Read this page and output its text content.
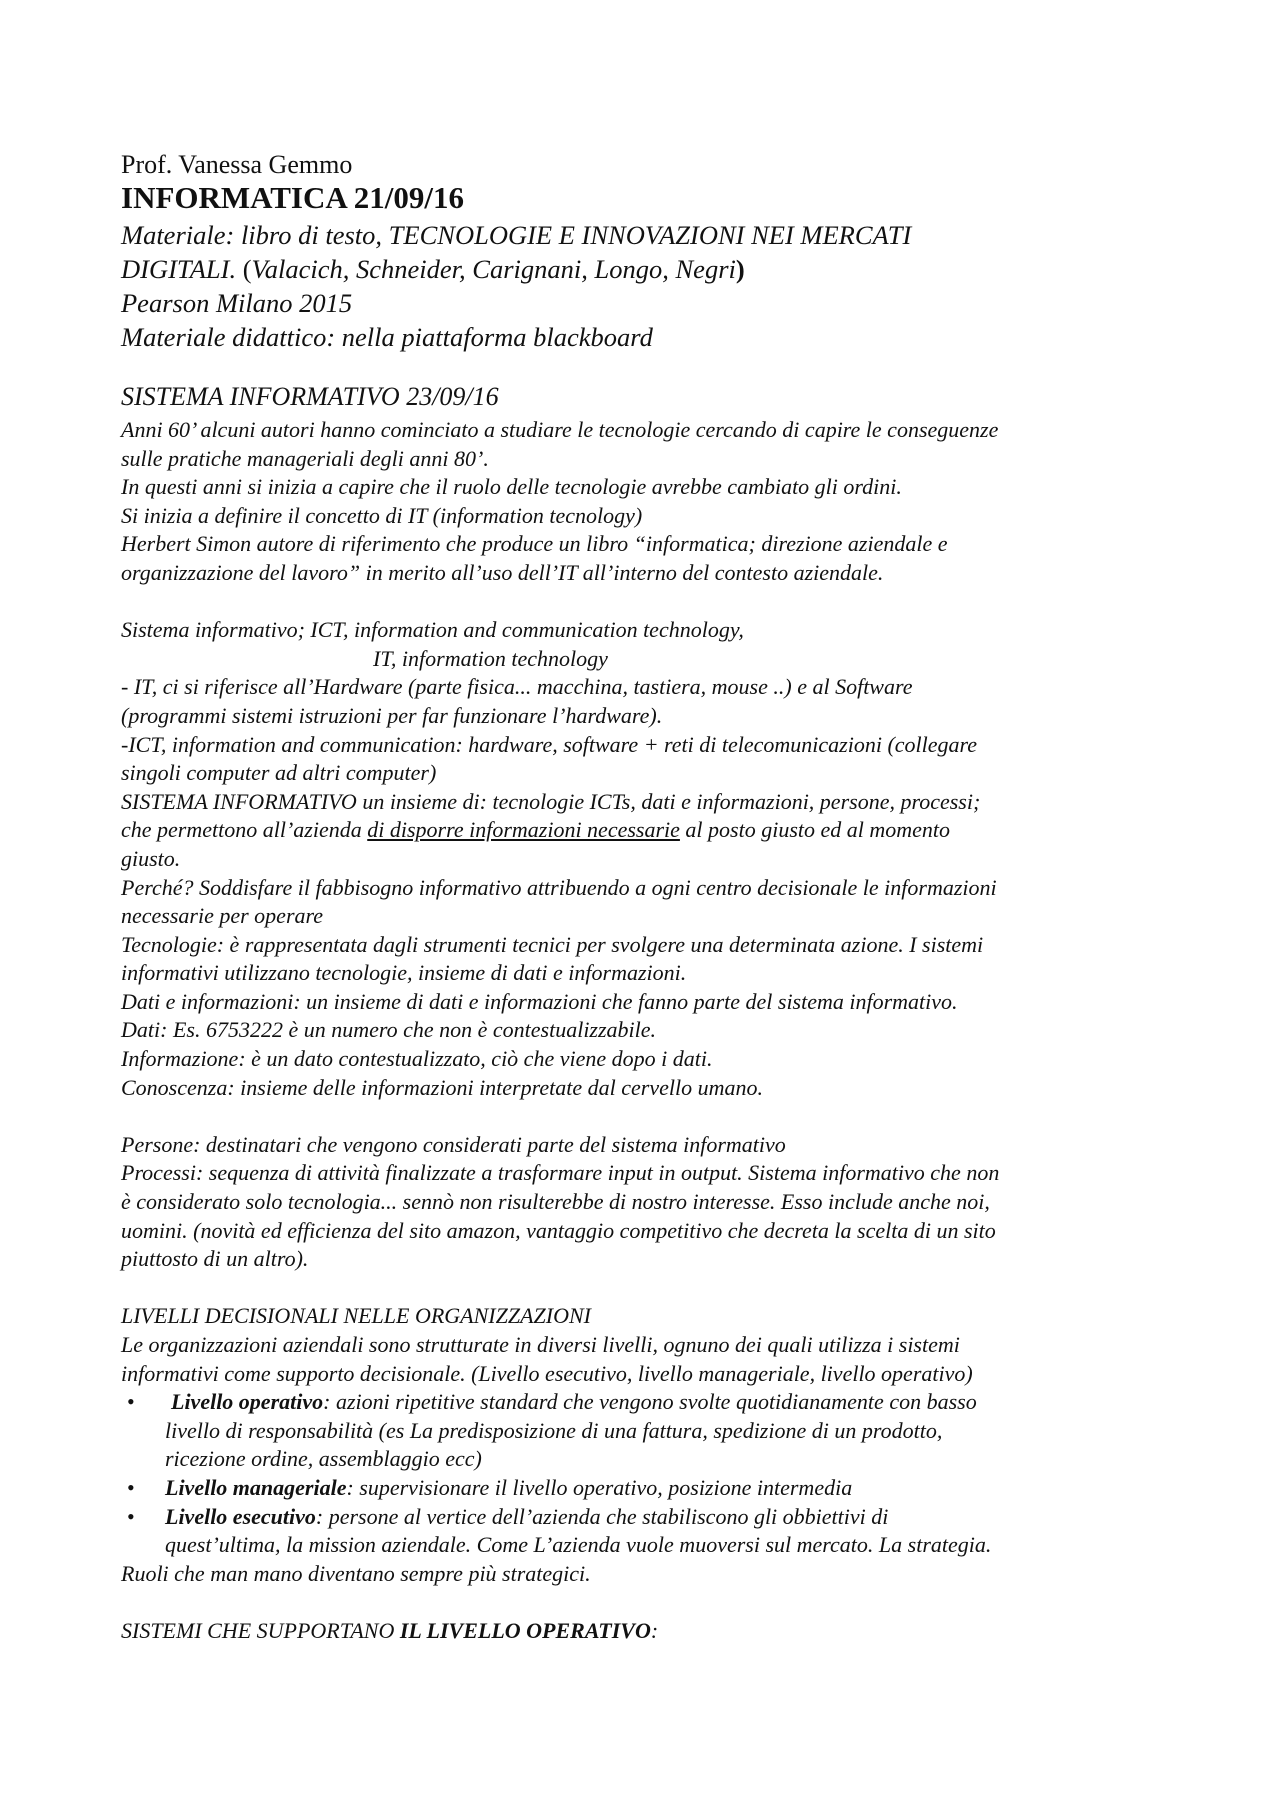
Prof. Vanessa Gemmo

INFORMATICA 21/09/16

Materiale: libro di testo, TECNOLOGIE E INNOVAZIONI NEI MERCATI

DIGITALI. (Valacich, Schneider, Carignani, Longo, Negri)

Pearson Milano 2015

Materiale didattico: nella piattaforma blackboard

SISTEMA INFORMATIVO 23/09/16

Anni 60’ alcuni autori hanno cominciato a studiare le tecnologie cercando di capire le conseguenze

sulle pratiche manageriali degli anni 80’.

In questi anni si inizia a capire che il ruolo delle tecnologie avrebbe cambiato gli ordini.

Si inizia a definire il concetto di IT (information tecnology)

Herbert Simon autore di riferimento che produce un libro “informatica; direzione aziendale e

organizzazione del lavoro” in merito all’uso dell’IT all’interno del contesto aziendale.

Sistema informativo; ICT, information and communication technology,

IT, information technology

- IT, ci si riferisce all’Hardware (parte fisica... macchina, tastiera, mouse ..) e al Software

(programmi sistemi istruzioni per far funzionare l’hardware).

-ICT, information and communication: hardware, software + reti di telecomunicazioni (collegare

singoli computer ad altri computer)

SISTEMA INFORMATIVO un insieme di: tecnologie ICTs, dati e informazioni, persone, processi;

che permettono all’azienda di disporre informazioni necessarie al posto giusto ed al momento

giusto.

Perché? Soddisfare il fabbisogno informativo attribuendo a ogni centro decisionale le informazioni

necessarie per operare

Tecnologie: è rappresentata dagli strumenti tecnici per svolgere una determinata azione. I sistemi

informativi utilizzano tecnologie, insieme di dati e informazioni.

Dati e informazioni: un insieme di dati e informazioni che fanno parte del sistema informativo.

Dati: Es. 6753222 è un numero che non è contestualizzabile.

Informazione: è un dato contestualizzato, ciò che viene dopo i dati.

Conoscenza: insieme delle informazioni interpretate dal cervello umano.

Persone: destinatari che vengono considerati parte del sistema informativo

Processi: sequenza di attività finalizzate a trasformare input in output. Sistema informativo che non

è considerato solo tecnologia... sennò non risulterebbe di nostro interesse. Esso include anche noi,

uomini. (novità ed efficienza del sito amazon, vantaggio competitivo che decreta la scelta di un sito

piuttosto di un altro).

LIVELLI DECISIONALI NELLE ORGANIZZAZIONI

Le organizzazioni aziendali sono strutturate in diversi livelli, ognuno dei quali utilizza i sistemi

informativi come supporto decisionale. (Livello esecutivo, livello manageriale, livello operativo)

• Livello operativo: azioni ripetitive standard che vengono svolte quotidianamente con basso
livello di responsabilità (es La predisposizione di una fattura, spedizione di un prodotto,
ricezione ordine, assemblaggio ecc)
• Livello manageriale: supervisionare il livello operativo, posizione intermedia
• Livello esecutivo: persone al vertice dell’azienda che stabiliscono gli obbiettivi di
quest’ultima, la mission aziendale. Come L’azienda vuole muoversi sul mercato. La strategia.

Ruoli che man mano diventano sempre più strategici.

SISTEMI CHE SUPPORTANO IL LIVELLO OPERATIVO:
